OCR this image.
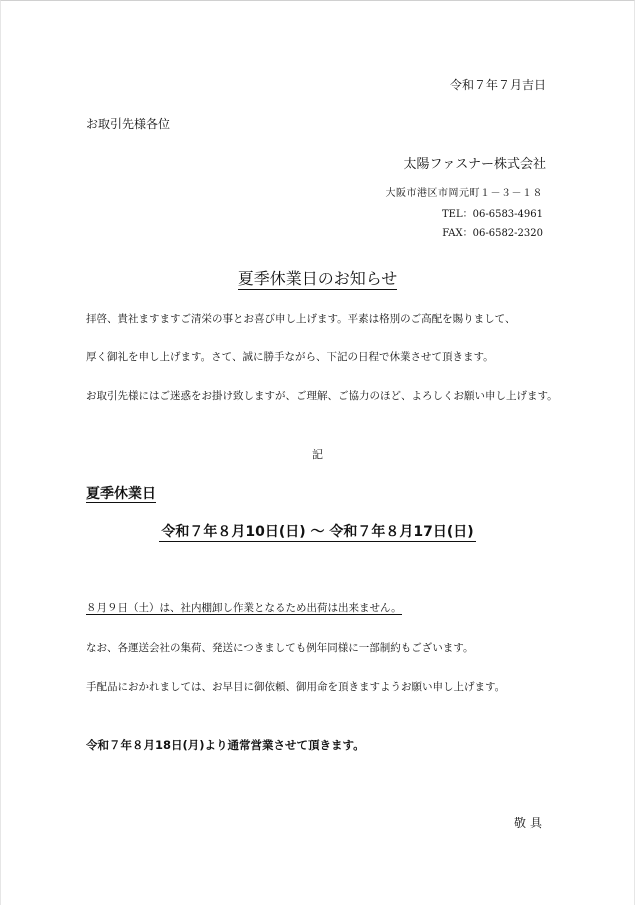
令和７年７月吉日
お取引先様各位
太陽ファスナー株式会社
大阪市港区市岡元町１－３－１８
TEL：06-6583-4961
FAX：06-6582-2320
夏季休業日のお知らせ
拝啓、貴社ますますご清栄の事とお喜び申し上げます。平素は格別のご高配を賜りまして、
厚く御礼を申し上げます。さて、誠に勝手ながら、下記の日程で休業させて頂きます。
お取引先様にはご迷惑をお掛け致しますが、ご理解、ご協力のほど、よろしくお願い申し上げます。
記
夏季休業日
令和７年８月10日(日) ～ 令和７年８月17日(日)
８月９日（土）は、社内棚卸し作業となるため出荷は出来ません。
なお、各運送会社の集荷、発送につきましても例年同様に一部制約もございます。
手配品におかれましては、お早目に御依頼、御用命を頂きますようお願い申し上げます。
令和７年８月18日(月)より通常営業させて頂きます。
敬具
